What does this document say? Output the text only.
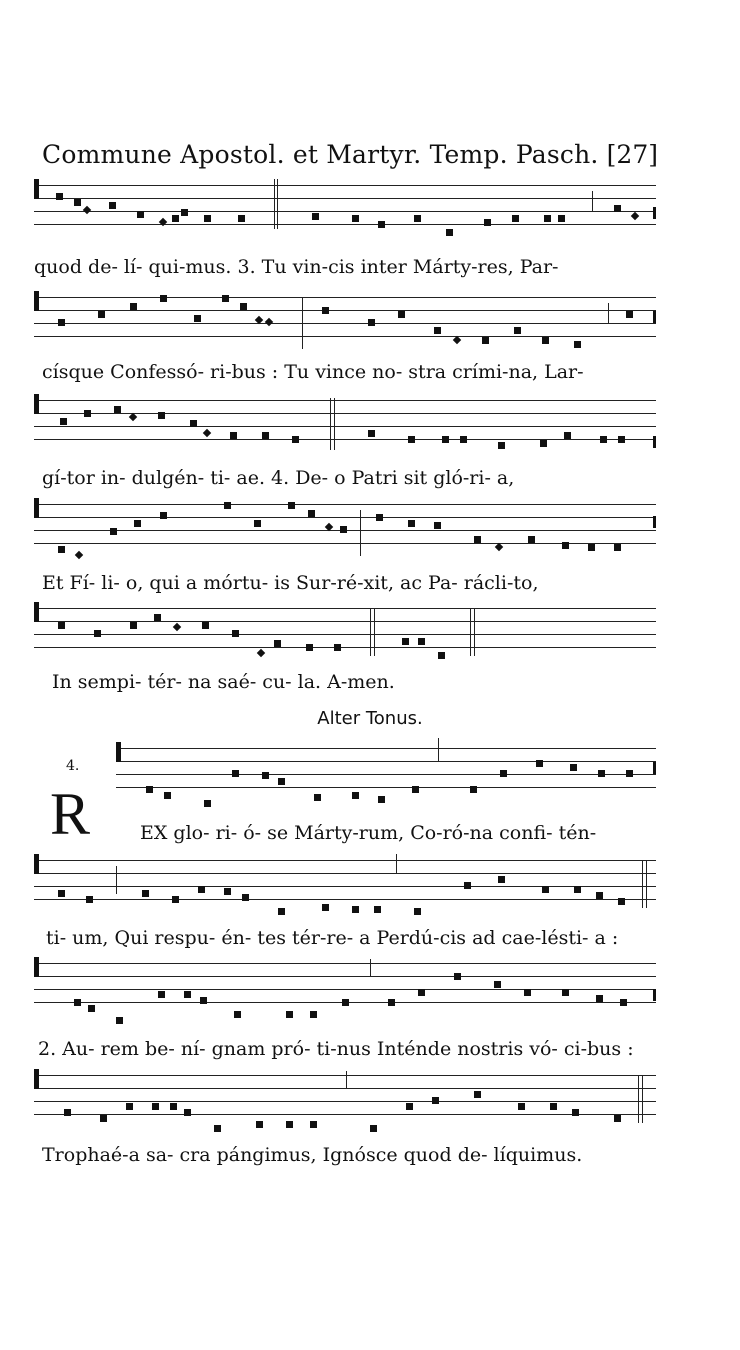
Commune Apostol. et Martyr. Temp. Pasch. [27]
quod de- lí- qui-mus. 3. Tu vin-cis inter Márty-res, Par-
císque Confessó- ri-bus : Tu vince no- stra crími-na, Lar-
gí-tor in- dulgén- ti- ae. 4. De- o Patri sit gló-ri- a,
Et Fí- li- o, qui a mórtu- is Sur-ré-xit, ac Pa- rácli-to,
In sempi- tér- na saé- cu- la. A-men.
Alter Tonus.
4.
R	EX glo- ri- ó- se Márty-rum, Co-ró-na confi- tén-
ti- um, Qui respu- én- tes tér-re- a Perdú-cis ad cae-lésti- a :
2. Au- rem be- ní- gnam pró- ti-nus Inténde nostris vó- ci-bus :
Trophaé-a sa- cra pángimus, Ignósce quod de- líquimus.
